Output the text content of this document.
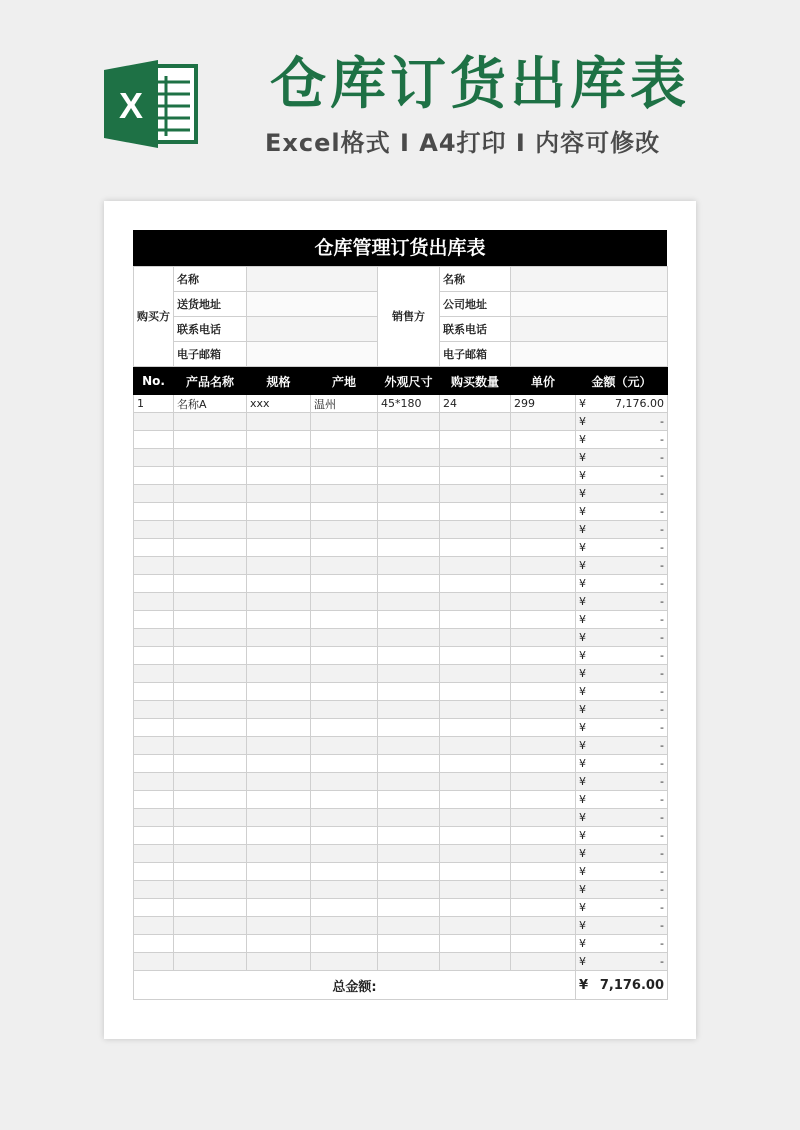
X 仓库订货出库表
Excel格式 I A4打印 I 内容可修改
仓库管理订货出库表
购买方	名称		销售方	名称	
	送货地址			公司地址	
	联系电话			联系电话	
	电子邮箱			电子邮箱	
No.	产品名称	规格	产地	外观尺寸	购买数量	单价	金额（元）
1	名称A	xxx	温州	45*180	24	299	¥ 7,176.00

							¥ -

							¥ -

							¥ -

							¥ -

							¥ -

							¥ -

							¥ -

							¥ -

							¥ -

							¥ -

							¥ -

							¥ -

							¥ -

							¥ -

							¥ -

							¥ -

							¥ -

							¥ -

							¥ -

							¥ -

							¥ -

							¥ -

							¥ -

							¥ -

							¥ -

							¥ -

							¥ -

							¥ -

							¥ -

							¥ -

							¥ -

总金额:							¥ 7,176.00
